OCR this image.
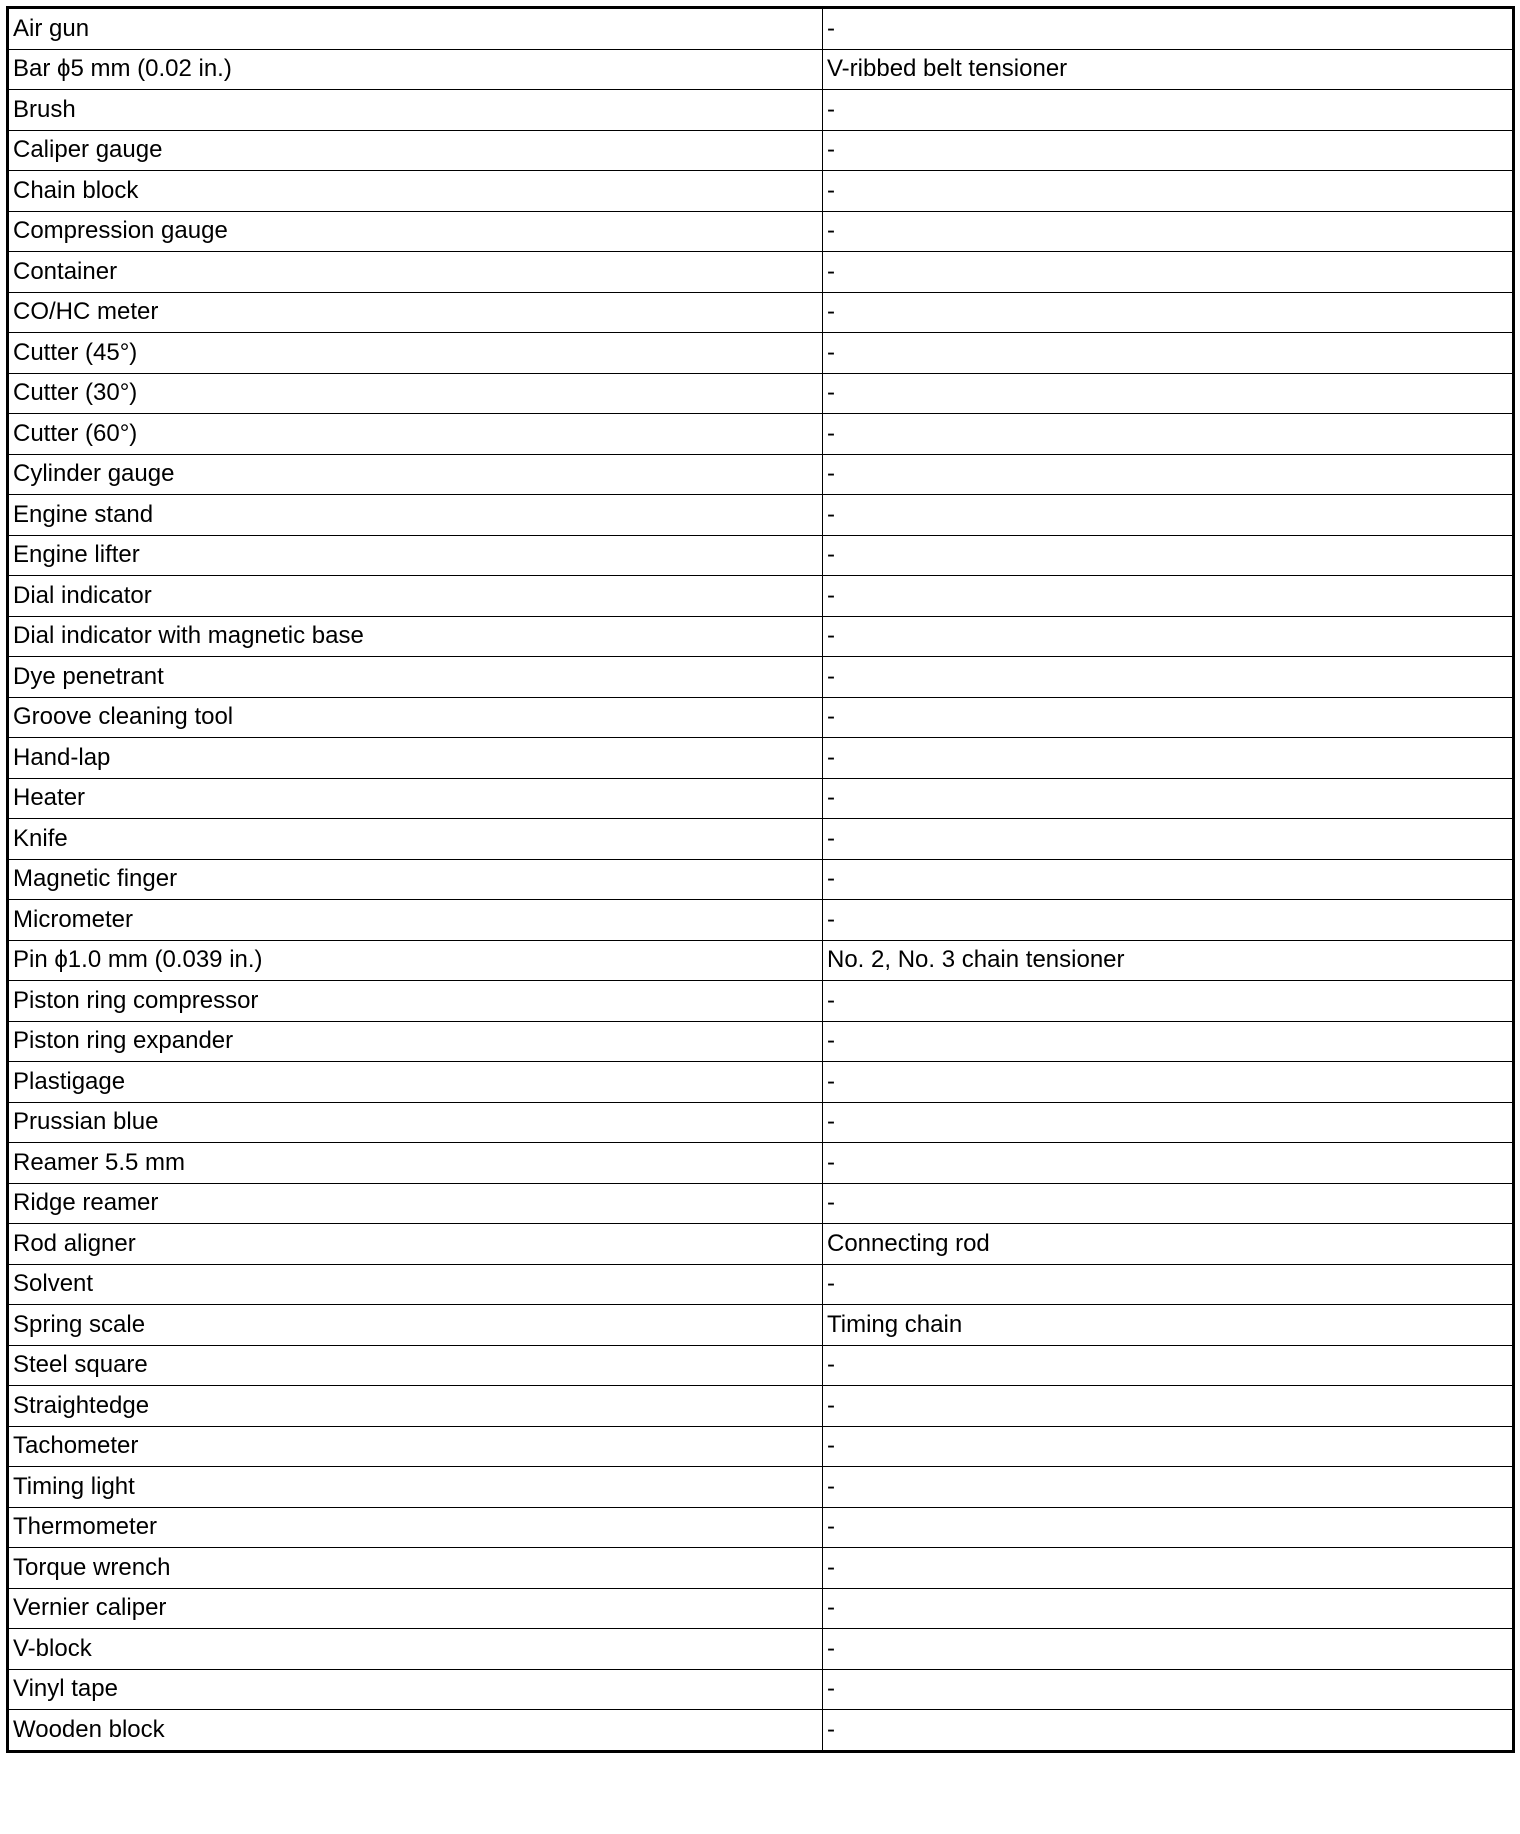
Air gun	-
Bar ϕ5 mm (0.02 in.)	V-ribbed belt tensioner
Brush	-
Caliper gauge	-
Chain block	-
Compression gauge	-
Container	-
CO/HC meter	-
Cutter (45°)	-
Cutter (30°)	-
Cutter (60°)	-
Cylinder gauge	-
Engine stand	-
Engine lifter	-
Dial indicator	-
Dial indicator with magnetic base	-
Dye penetrant	-
Groove cleaning tool	-
Hand-lap	-
Heater	-
Knife	-
Magnetic finger	-
Micrometer	-
Pin ϕ1.0 mm (0.039 in.)	No. 2, No. 3 chain tensioner
Piston ring compressor	-
Piston ring expander	-
Plastigage	-
Prussian blue	-
Reamer 5.5 mm	-
Ridge reamer	-
Rod aligner	Connecting rod
Solvent	-
Spring scale	Timing chain
Steel square	-
Straightedge	-
Tachometer	-
Timing light	-
Thermometer	-
Torque wrench	-
Vernier caliper	-
V-block	-
Vinyl tape	-
Wooden block	-
